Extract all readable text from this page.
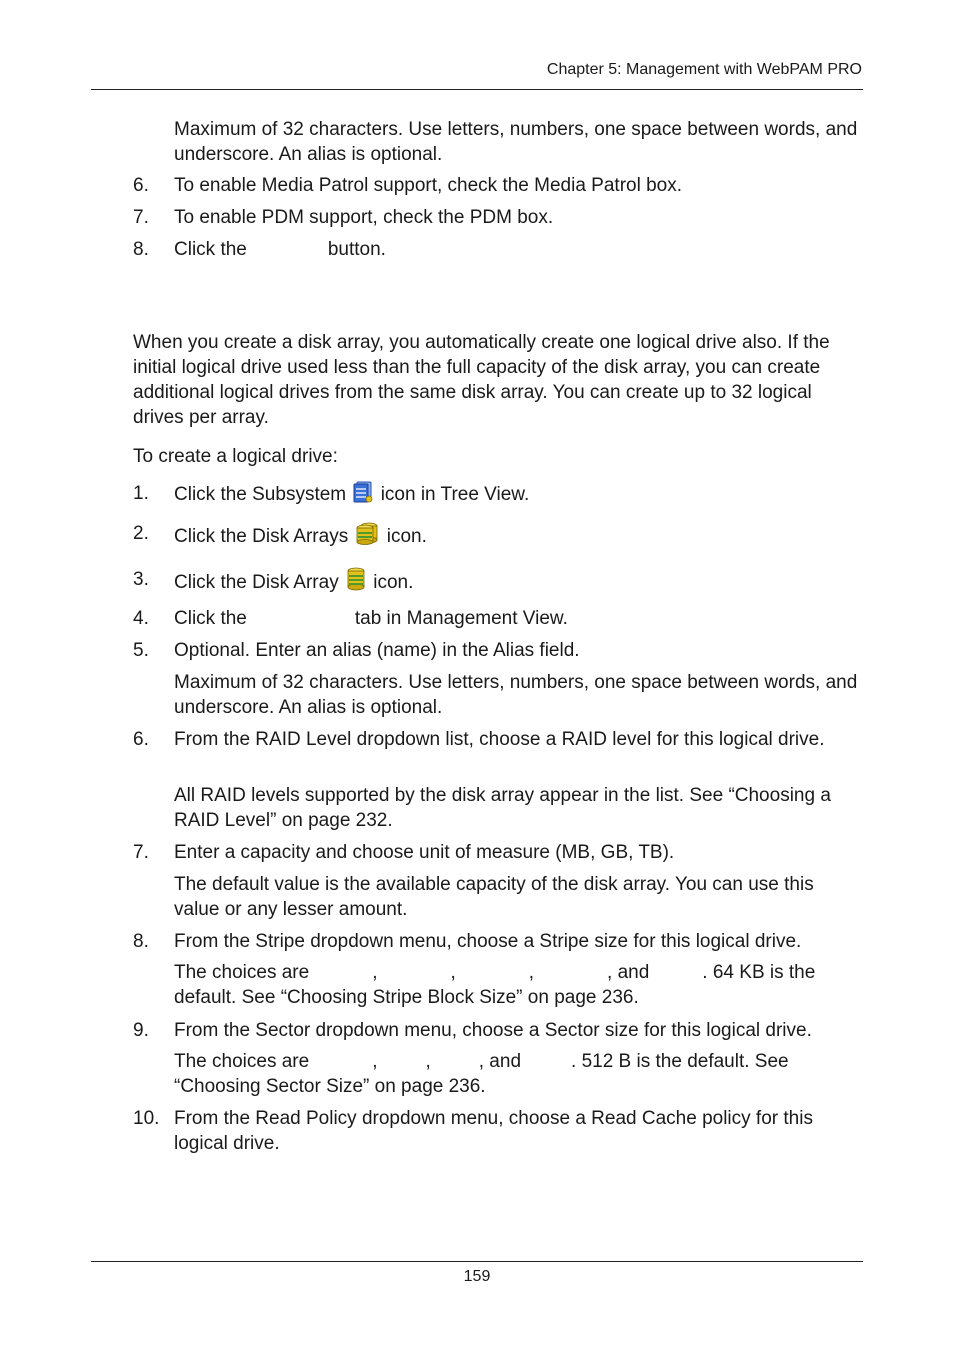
Chapter 5: Management with WebPAM PRO

Maximum of 32 characters. Use letters, numbers, one space between words, and underscore. An alias is optional.

6. To enable Media Patrol support, check the Media Patrol box.
7. To enable PDM support, check the PDM box.
8. Click the	button.

When you create a disk array, you automatically create one logical drive also. If the initial logical drive used less than the full capacity of the disk array, you can create additional logical drives from the same disk array. You can create up to 32 logical drives per array.

To create a logical drive:

1. Click the Subsystem icon in Tree View.
2. Click the Disk Arrays icon.
3. Click the Disk Array icon.
4. Click the	tab in Management View.
5. Optional. Enter an alias (name) in the Alias field.

Maximum of 32 characters. Use letters, numbers, one space between words, and underscore. An alias is optional.

6. From the RAID Level dropdown list, choose a RAID level for this logical drive.

All RAID levels supported by the disk array appear in the list. See “Choosing a RAID Level” on page 232.

7. Enter a capacity and choose unit of measure (MB, GB, TB).

The default value is the available capacity of the disk array. You can use this value or any lesser amount.

8. From the Stripe dropdown menu, choose a Stripe size for this logical drive.

The choices are	,	,	,	, and	. 64 KB is the
default. See “Choosing Stripe Block Size” on page 236.

9. From the Sector dropdown menu, choose a Sector size for this logical drive.

The choices are	,	,	, and	. 512 B is the default. See
“Choosing Sector Size” on page 236.

10. From the Read Policy dropdown menu, choose a Read Cache policy for this logical drive.
159
